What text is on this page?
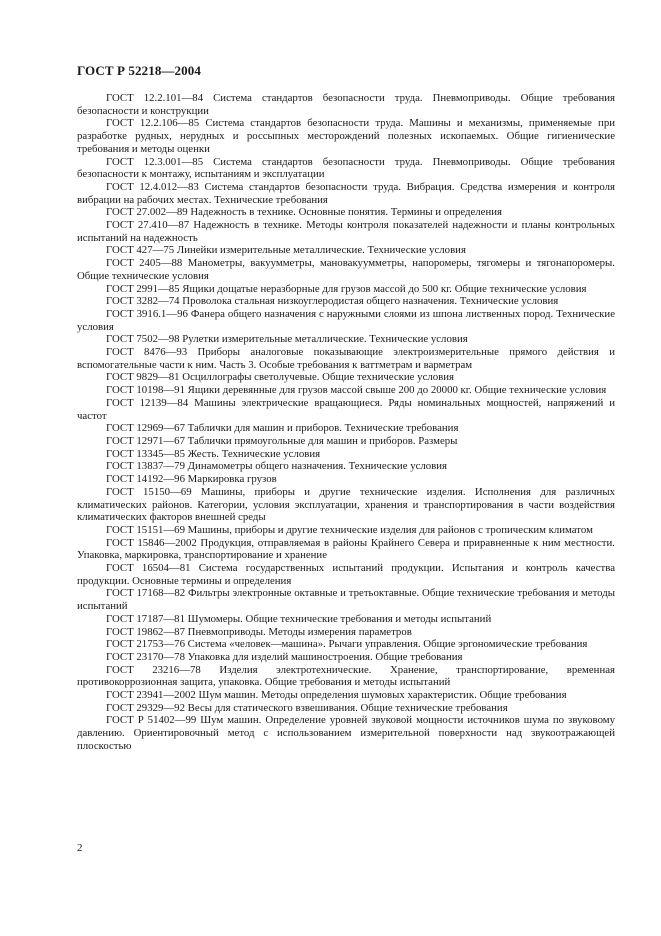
ГОСТ Р 52218—2004

ГОСТ 12.2.101—84 Система стандартов безопасности труда. Пневмоприводы. Общие требования безопасности и конструкции

ГОСТ 12.2.106—85 Система стандартов безопасности труда. Машины и механизмы, применяемые при разработке рудных, нерудных и россыпных месторождений полезных ископаемых. Общие гигиенические требования и методы оценки

ГОСТ 12.3.001—85 Система стандартов безопасности труда. Пневмоприводы. Общие требования безопасности к монтажу, испытаниям и эксплуатации

ГОСТ 12.4.012—83 Система стандартов безопасности труда. Вибрация. Средства измерения и контроля вибрации на рабочих местах. Технические требования

ГОСТ 27.002—89 Надежность в технике. Основные понятия. Термины и определения

ГОСТ 27.410—87 Надежность в технике. Методы контроля показателей надежности и планы контрольных испытаний на надежность

ГОСТ 427—75 Линейки измерительные металлические. Технические условия

ГОСТ 2405—88 Манометры, вакуумметры, мановакуумметры, напоромеры, тягомеры и тягонапоромеры. Общие технические условия

ГОСТ 2991—85 Ящики дощатые неразборные для грузов массой до 500 кг. Общие технические условия

ГОСТ 3282—74 Проволока стальная низкоуглеродистая общего назначения. Технические условия

ГОСТ 3916.1—96 Фанера общего назначения с наружными слоями из шпона лиственных пород. Технические условия

ГОСТ 7502—98 Рулетки измерительные металлические. Технические условия

ГОСТ 8476—93 Приборы аналоговые показывающие электроизмерительные прямого действия и вспомогательные части к ним. Часть 3. Особые требования к ваттметрам и варметрам

ГОСТ 9829—81 Осциллографы светолучевые. Общие технические условия

ГОСТ 10198—91 Ящики деревянные для грузов массой свыше 200 до 20000 кг. Общие технические условия

ГОСТ 12139—84 Машины электрические вращающиеся. Ряды номинальных мощностей, напряжений и частот

ГОСТ 12969—67 Таблички для машин и приборов. Технические требования

ГОСТ 12971—67 Таблички прямоугольные для машин и приборов. Размеры

ГОСТ 13345—85 Жесть. Технические условия

ГОСТ 13837—79 Динамометры общего назначения. Технические условия

ГОСТ 14192—96 Маркировка грузов

ГОСТ 15150—69 Машины, приборы и другие технические изделия. Исполнения для различных климатических районов. Категории, условия эксплуатации, хранения и транспортирования в части воздействия климатических факторов внешней среды

ГОСТ 15151—69 Машины, приборы и другие технические изделия для районов с тропическим климатом

ГОСТ 15846—2002 Продукция, отправляемая в районы Крайнего Севера и приравненные к ним местности. Упаковка, маркировка, транспортирование и хранение

ГОСТ 16504—81 Система государственных испытаний продукции. Испытания и контроль качества продукции. Основные термины и определения

ГОСТ 17168—82 Фильтры электронные октавные и третьоктавные. Общие технические требования и методы испытаний

ГОСТ 17187—81 Шумомеры. Общие технические требования и методы испытаний

ГОСТ 19862—87 Пневмоприводы. Методы измерения параметров

ГОСТ 21753—76 Система «человек—машина». Рычаги управления. Общие эргономические требования

ГОСТ 23170—78 Упаковка для изделий машиностроения. Общие требования

ГОСТ 23216—78 Изделия электротехнические. Хранение, транспортирование, временная противокоррозионная защита, упаковка. Общие требования и методы испытаний

ГОСТ 23941—2002 Шум машин. Методы определения шумовых характеристик. Общие требования

ГОСТ 29329—92 Весы для статического взвешивания. Общие технические требования

ГОСТ Р 51402—99 Шум машин. Определение уровней звуковой мощности источников шума по звуковому давлению. Ориентировочный метод с использованием измерительной поверхности над звукоотражающей плоскостью

2
